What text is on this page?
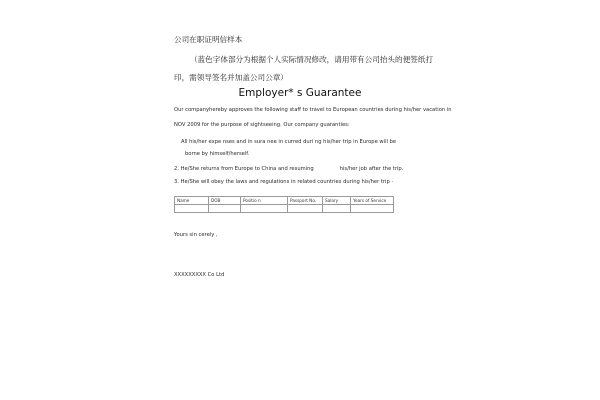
公司在职证明信样本
（蓝色字体部分为根据个人实际情况修改，请用带有公司抬头的便签纸打
印，需领导签名并加盖公司公章）
Employer* s Guarantee
Our companyhereby approves the following staff to travel to European countries during his/her vacation in
NOV 2009 for the purpose of sightseeing. Our company guaranties:
All his/her expe nses and in sura nee in curred duri ng his/her trip in Europe will be
borne by himself/herself.
2. He/She returns from Europe to China and resuming	his/her job after the trip.
3. He/She will obey the laws and regulations in related countries during his/her trip ·
Name	DOB	Positio n	Passport No.	Salary	Years of Service

Yours sin cerely ,
XXXXXXXXX Co Ltd
